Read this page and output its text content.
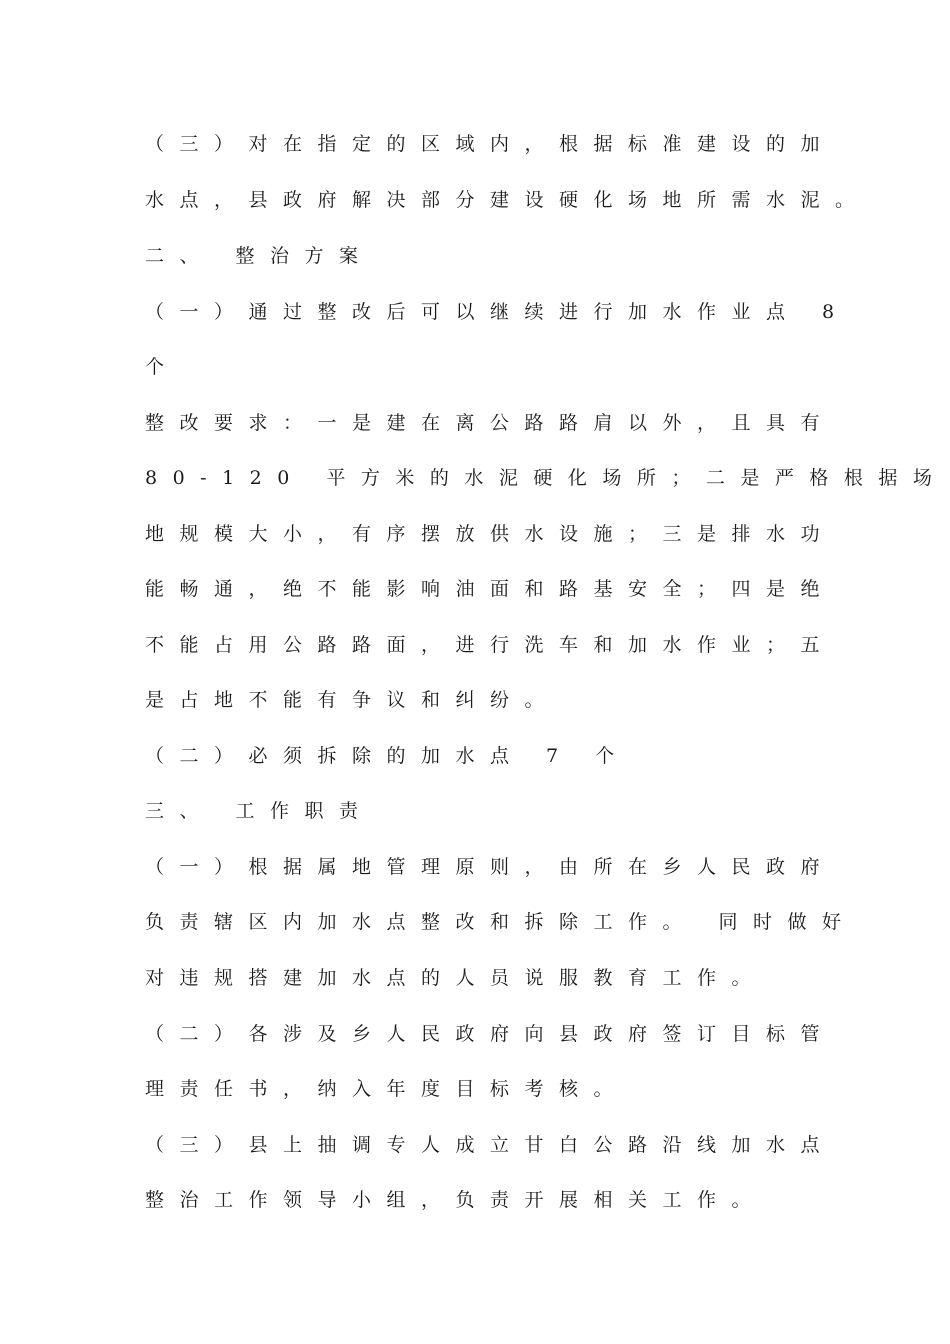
（三）对在指定的区域内，根据标准建设的加
水点，县政府解决部分建设硬化场地所需水泥。
二、 整治方案
（一）通过整改后可以继续进行加水作业点 8
个
整改要求：一是建在离公路路肩以外，且具有
80-120 平方米的水泥硬化场所；二是严格根据场
地规模大小，有序摆放供水设施；三是排水功
能畅通，绝不能影响油面和路基安全；四是绝
不能占用公路路面，进行洗车和加水作业；五
是占地不能有争议和纠纷。
（二）必须拆除的加水点 7 个
三、 工作职责
（一）根据属地管理原则，由所在乡人民政府
负责辖区内加水点整改和拆除工作。 同时做好
对违规搭建加水点的人员说服教育工作。
（二）各涉及乡人民政府向县政府签订目标管
理责任书，纳入年度目标考核。
（三）县上抽调专人成立甘白公路沿线加水点
整治工作领导小组，负责开展相关工作。
